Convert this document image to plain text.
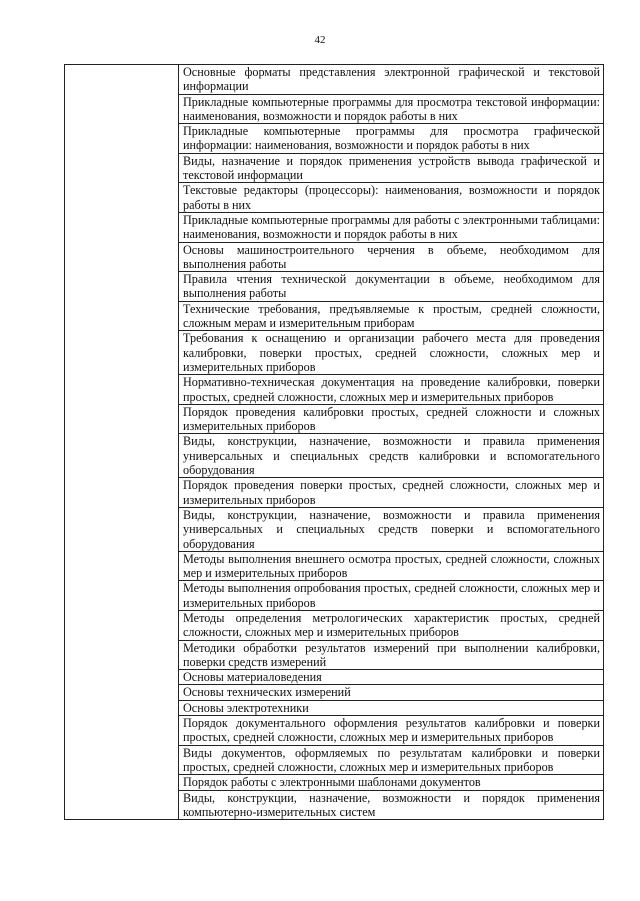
42
	Основные форматы представления электронной графической и текстовой информации
Прикладные компьютерные программы для просмотра текстовой информации: наименования, возможности и порядок работы в них
Прикладные компьютерные программы для просмотра графической информации: наименования, возможности и порядок работы в них
Виды, назначение и порядок применения устройств вывода графической и текстовой информации
Текстовые редакторы (процессоры): наименования, возможности и порядок работы в них
Прикладные компьютерные программы для работы с электронными таблицами: наименования, возможности и порядок работы в них
Основы машиностроительного черчения в объеме, необходимом для выполнения работы
Правила чтения технической документации в объеме, необходимом для выполнения работы
Технические требования, предъявляемые к простым, средней сложности, сложным мерам и измерительным приборам
Требования к оснащению и организации рабочего места для проведения калибровки, поверки простых, средней сложности, сложных мер и измерительных приборов
Нормативно-техническая документация на проведение калибровки, поверки простых, средней сложности, сложных мер и измерительных приборов
Порядок проведения калибровки простых, средней сложности и сложных измерительных приборов
Виды, конструкции, назначение, возможности и правила применения универсальных и специальных средств калибровки и вспомогательного оборудования
Порядок проведения поверки простых, средней сложности, сложных мер и измерительных приборов
Виды, конструкции, назначение, возможности и правила применения универсальных и специальных средств поверки и вспомогательного оборудования
Методы выполнения внешнего осмотра простых, средней сложности, сложных мер и измерительных приборов
Методы выполнения опробования простых, средней сложности, сложных мер и измерительных приборов
Методы определения метрологических характеристик простых, средней сложности, сложных мер и измерительных приборов
Методики обработки результатов измерений при выполнении калибровки, поверки средств измерений
Основы материаловедения
Основы технических измерений
Основы электротехники
Порядок документального оформления результатов калибровки и поверки простых, средней сложности, сложных мер и измерительных приборов
Виды документов, оформляемых по результатам калибровки и поверки простых, средней сложности, сложных мер и измерительных приборов
Порядок работы с электронными шаблонами документов
Виды, конструкции, назначение, возможности и порядок применения компьютерно-измерительных систем
